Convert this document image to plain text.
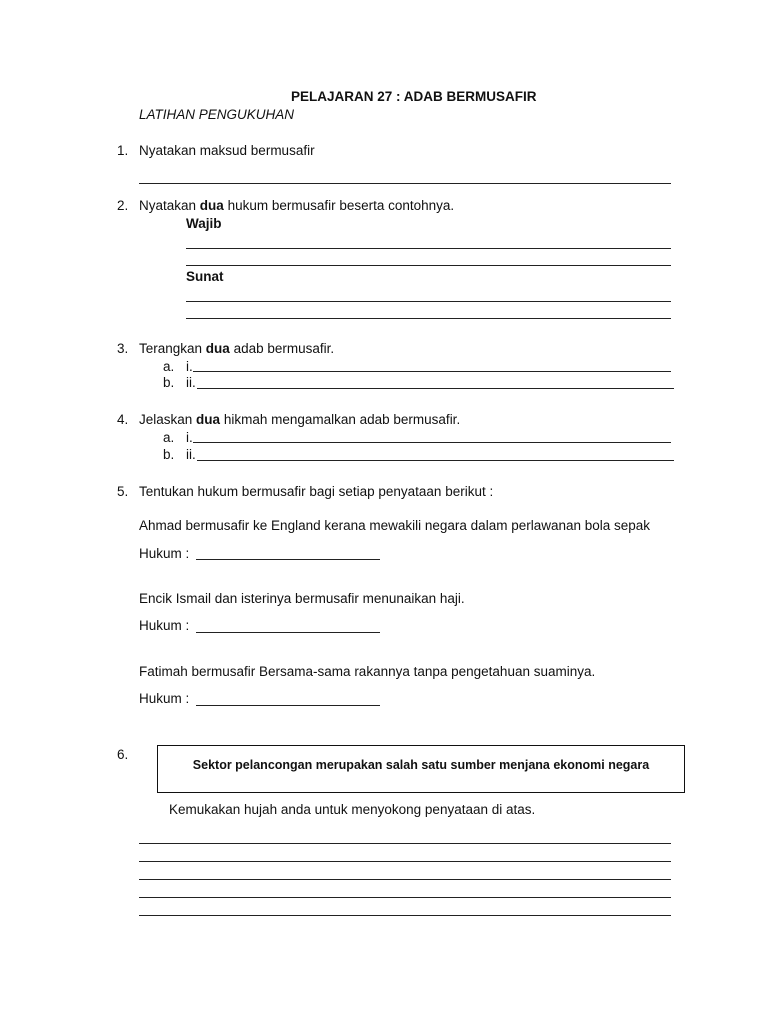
PELAJARAN 27 : ADAB BERMUSAFIR
LATIHAN PENGUKUHAN
1. Nyatakan maksud bermusafir
2. Nyatakan dua hukum bermusafir beserta contohnya.
Wajib
Sunat
3. Terangkan dua adab bermusafir.
a. i.
b. ii.
4. Jelaskan dua hikmah mengamalkan adab bermusafir.
a. i.
b. ii.
5. Tentukan hukum bermusafir bagi setiap penyataan berikut :
Ahmad bermusafir ke England kerana mewakili negara dalam perlawanan bola sepak
Hukum :
Encik Ismail dan isterinya bermusafir menunaikan haji.
Hukum :
Fatimah bermusafir Bersama-sama rakannya tanpa pengetahuan suaminya.
Hukum :
6.
Sektor pelancongan merupakan salah satu sumber menjana ekonomi negara
Kemukakan hujah anda untuk menyokong penyataan di atas.
